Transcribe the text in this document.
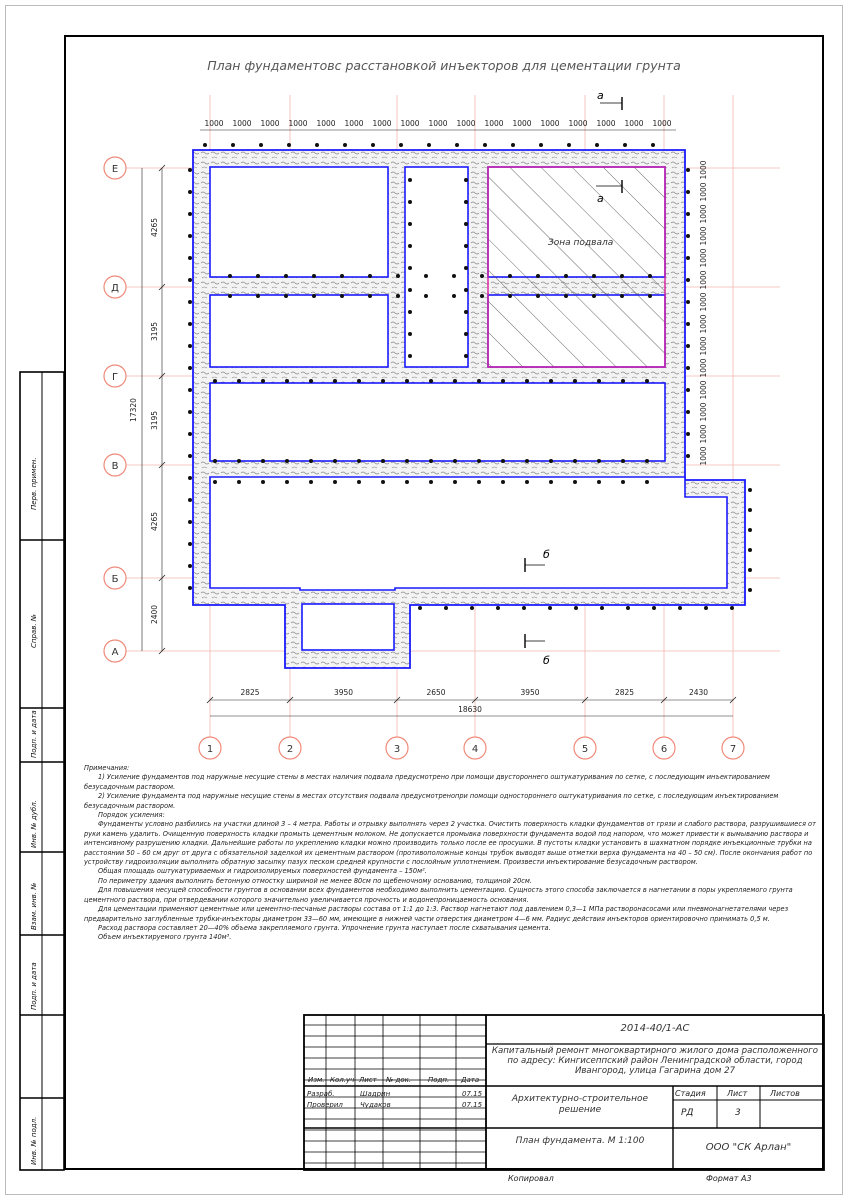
План фундаментовс расстановкой инъекторов для цементации грунта
2825	3950	2650	3950	2825	2430
18630
4265
3195
3195
4265
2400
17320
1000 1000 1000 1000 1000 1000 1000 1000 1000 1000 1000 1000 1000 1000 1000 1000 1000
1000
1000
1000
1000
1000
1000
1000
1000
1000
1000
1000
1000
1000
1000
а
а
б
б
Зона подвала
Е
Д
Г
В
Б
А
1	2	3	4	5	6	7
Перв. примен.
Справ. №
Подп. и дата
Инв. № дубл.
Взам. инв. №
Подп. и дата
Инв. № подл.

Примечания:

1) Усиление фундаментов под наружные несущие стены в местах наличия подвала предусмотрено при помощи двустороннего оштукатуривания по сетке, с последующим инъектированием безусадочным раствором.

2) Усиление фундамента под наружные несущие стены в местах отсутствия подвала предусмотренопри помощи одностороннего оштукатуривания по сетке, с последующим инъектированием безусадочным раствором.

Порядок усиления:

Фундаменты условно разбились на участки длиной 3 – 4 метра. Работы и отрывку выполнять через 2 участка. Очистить поверхность кладки фундаментов от грязи и слабого раствора, разрушившиеся от руки камень удалить. Очищенную поверхность кладки промыть цементным молоком. Не допускается промывка поверхности фундамента водой под напором, что может привести к вымыванию раствора и интенсивному разрушению кладки. Дальнейшие работы по укреплению кладки можно производить только после ее просушки. В пустоты кладки установить в шахматном порядке инъекционные трубки на расстоянии 50 – 60 см друг от друга с обязательной заделкой их цементным раствором (противоположные концы трубок выводят выше отметки верха фундамента на 40 – 50 см). После окончания работ по устройству гидроизоляции выполнить обратную засыпку пазух песком средней крупности с послойным уплотнением. Произвести инъектирование безусадочным раствором.

Общая площадь оштукатуриваемых и гидроизолируемых поверхностей фундамента – 150м².

По периметру здания выполнить бетонную отмостку шириной не менее 80см по щебеночному основанию, толщиной 20см.

Для повышения несущей способности грунтов в основании всех фундаментов необходимо выполнить цементацию. Сущность этого способа заключается в нагнетании в поры укрепляемого грунта цементного раствора, при отвердевании которого значительно увеличивается прочность и водонепроницаемость основания.

Для цементации применяют цементные или цементно-песчаные растворы состава от 1:1 до 1:3. Раствор нагнетают под давлением 0,3—1 МПа растворонасосами или пневмонагнетателями через предварительно заглубленные трубки-инъекторы диаметром 33—60 мм, имеющие в нижней части отверстия диаметром 4—6 мм. Радиус действия инъекторов ориентировочно принимать 0,5 м.

Расход раствора составляет 20—40% объема закрепляемого грунта. Упрочнение грунта наступает после схватывания цемента.

Объем инъектируемого грунта 140м³.

2014-40/1-АС
Капитальный ремонт многоквартирного жилого дома расположенного по адресу: Кингисеппский район Ленинградской области, город Ивангород, улица Гагарина дом 27
Архитектурно-строительное решение
План фундамента. М 1:100
ООО "СК Арлан"
Стадия	Лист	Листов
РД	3
Изм. Кол.уч Лист № док. Подп. Дата
Разраб.	Шадрин	07.15
Проверил Чудаков	07.15
Копировал	Формат А3
